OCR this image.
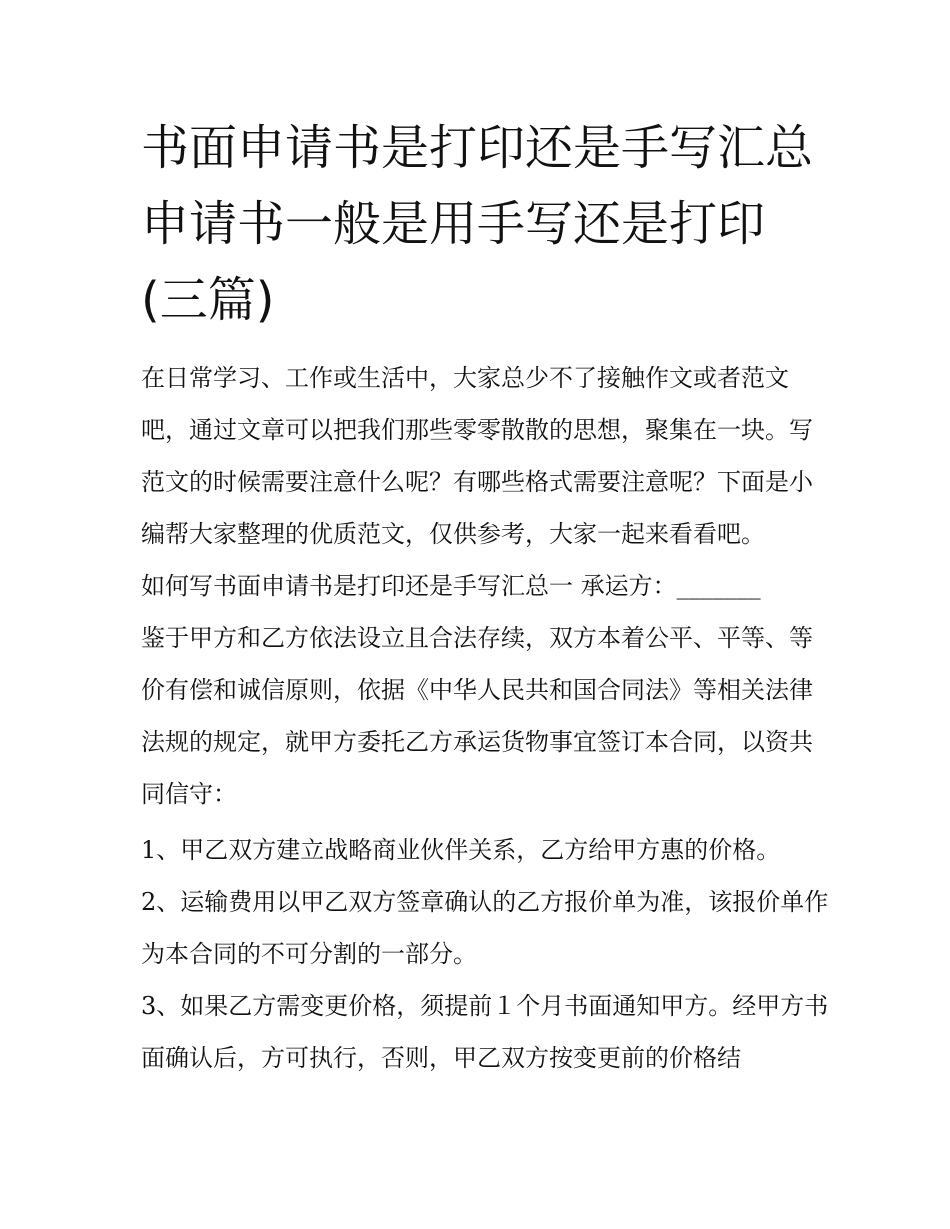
书面申请书是打印还是手写汇总 申请书一般是用手写还是打印(三篇)

在日常学习、工作或生活中，大家总少不了接触作文或者范文吧，通过文章可以把我们那些零零散散的思想，聚集在一块。写范文的时候需要注意什么呢？有哪些格式需要注意呢？下面是小编帮大家整理的优质范文，仅供参考，大家一起来看看吧。

如何写书面申请书是打印还是手写汇总一 承运方：_______

鉴于甲方和乙方依法设立且合法存续，双方本着公平、平等、等价有偿和诚信原则，依据《中华人民共和国合同法》等相关法律法规的规定，就甲方委托乙方承运货物事宜签订本合同，以资共同信守：

1、甲乙双方建立战略商业伙伴关系，乙方给甲方惠的价格。

2、运输费用以甲乙双方签章确认的乙方报价单为准，该报价单作为本合同的不可分割的一部分。

3、如果乙方需变更价格，须提前１个月书面通知甲方。经甲方书面确认后，方可执行，否则，甲乙双方按变更前的价格结
